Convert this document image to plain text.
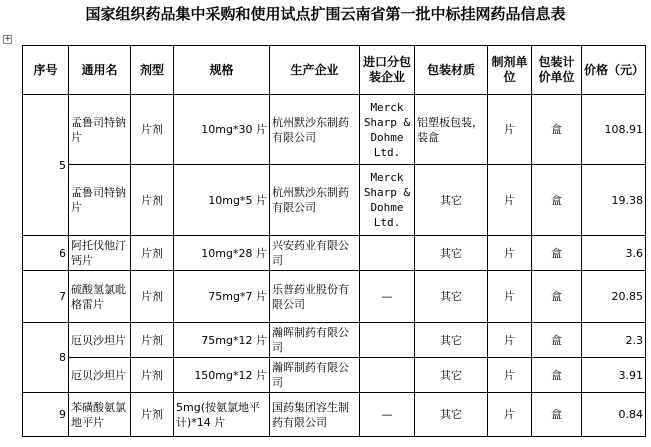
国家组织药品集中采购和使用试点扩围云南省第一批中标挂网药品信息表
+
序号	通用名	剂型	规格	生产企业	进口分包装企业	包装材质	制剂单位	包装计价单位	价格（元）
5	孟鲁司特钠片	片剂	10mg*30 片	杭州默沙东制药有限公司	Merck Sharp & Dohme Ltd.	铝塑板包装，装盒	片	盒	108.91
	孟鲁司特钠片	片剂	10mg*5 片	杭州默沙东制药有限公司	Merck Sharp & Dohme Ltd.	其它	片	盒	19.38
6	阿托伐他汀钙片	片剂	10mg*28 片	兴安药业有限公司		其它	片	盒	3.6
7	硫酸氢氯吡格雷片	片剂	75mg*7 片	乐普药业股份有限公司	—	其它	片	盒	20.85
8	厄贝沙坦片	片剂	75mg*12 片	瀚晖制药有限公司		其它	片	盒	2.3
	厄贝沙坦片	片剂	150mg*12 片	瀚晖制药有限公司		其它	片	盒	3.91
9	苯磺酸氨氯地平片	片剂	5mg(按氨氯地平计)*14 片	国药集团容生制药有限公司	—	其它	片	盒	0.84
